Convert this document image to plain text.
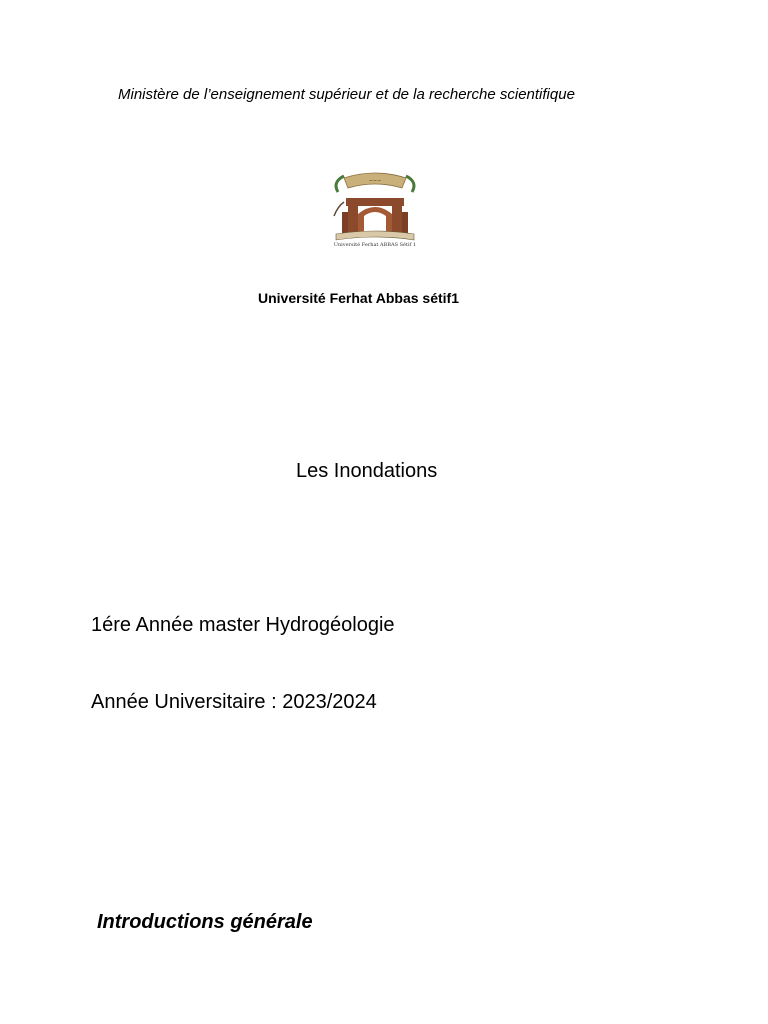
Ministère de l’enseignement supérieur et de la recherche scientifique
~~~
Université Ferhat ABBAS Sétif 1
Université Ferhat Abbas sétif1
Les Inondations
1ére Année master Hydrogéologie
Année Universitaire : 2023/2024
Introductions générale
